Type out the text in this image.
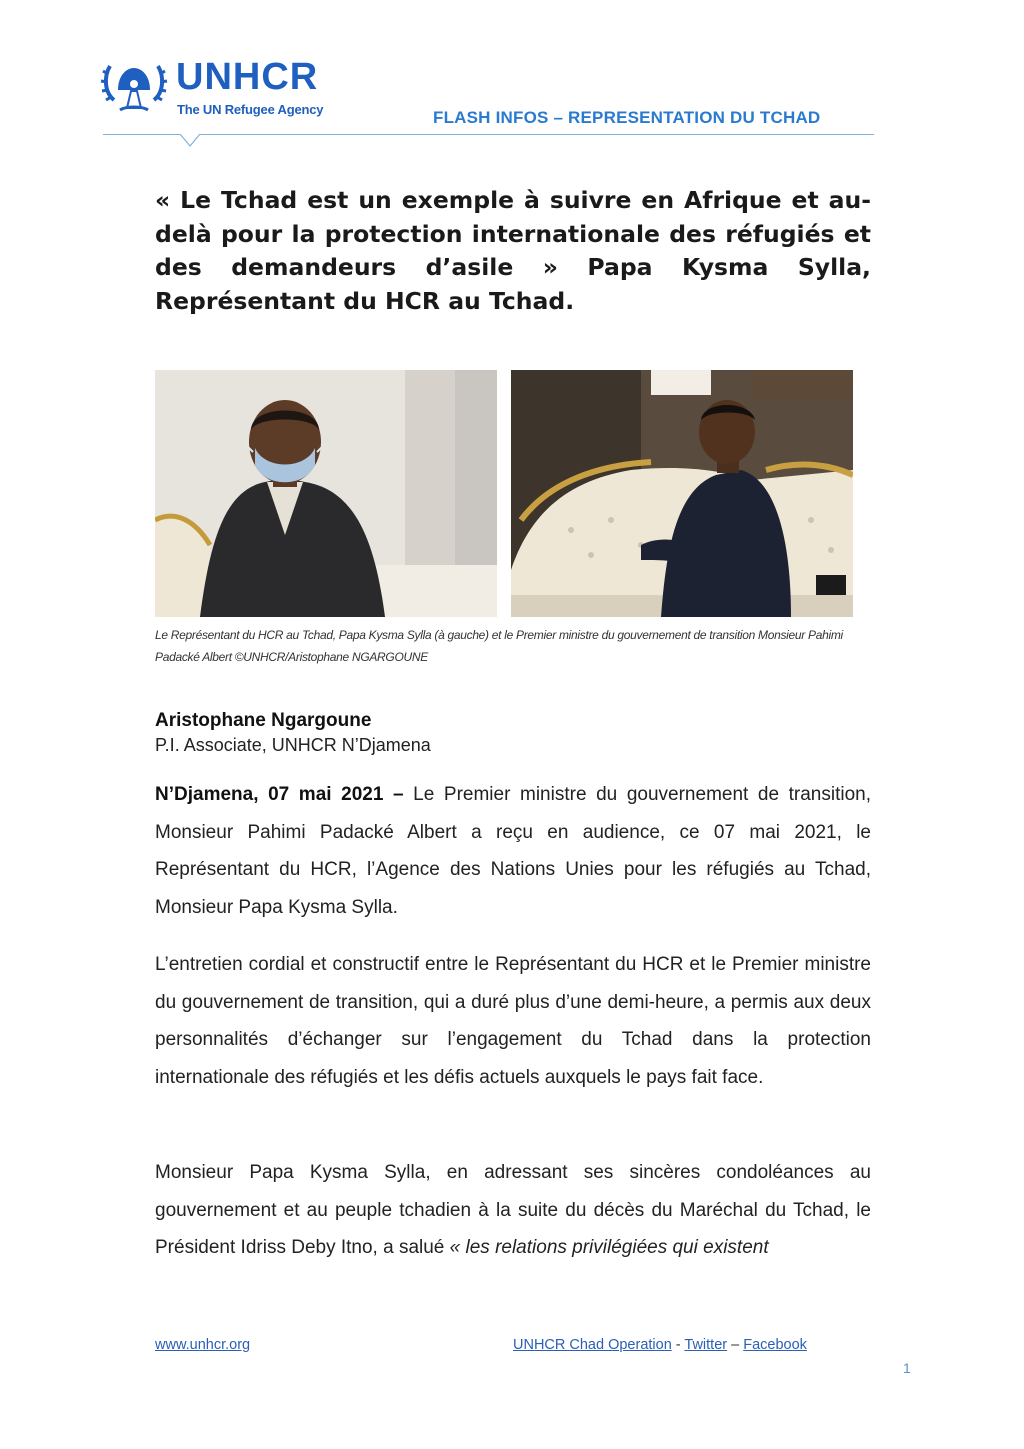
UNHCR
The UN Refugee Agency	FLASH INFOS – REPRESENTATION DU TCHAD
« Le Tchad est un exemple à suivre en Afrique et au-delà pour la protection internationale des réfugiés et des demandeurs d’asile » Papa Kysma Sylla, Représentant du HCR au Tchad.

Le Représentant du HCR au Tchad, Papa Kysma Sylla (à gauche) et le Premier ministre du gouvernement de transition Monsieur Pahimi Padacké Albert ©UNHCR/Aristophane NGARGOUNE

Aristophane Ngargoune
P.I. Associate, UNHCR N’Djamena

N’Djamena, 07 mai 2021 – Le Premier ministre du gouvernement de transition, Monsieur Pahimi Padacké Albert a reçu en audience, ce 07 mai 2021, le Représentant du HCR, l’Agence des Nations Unies pour les réfugiés au Tchad, Monsieur Papa Kysma Sylla.

L’entretien cordial et constructif entre le Représentant du HCR et le Premier ministre du gouvernement de transition, qui a duré plus d’une demi-heure, a permis aux deux personnalités d’échanger sur l’engagement du Tchad dans la protection internationale des réfugiés et les défis actuels auxquels le pays fait face.

Monsieur Papa Kysma Sylla, en adressant ses sincères condoléances au gouvernement et au peuple tchadien à la suite du décès du Maréchal du Tchad, le Président Idriss Deby Itno, a salué « les relations privilégiées qui existent

www.unhcr.org	UNHCR Chad Operation - Twitter – Facebook
1
